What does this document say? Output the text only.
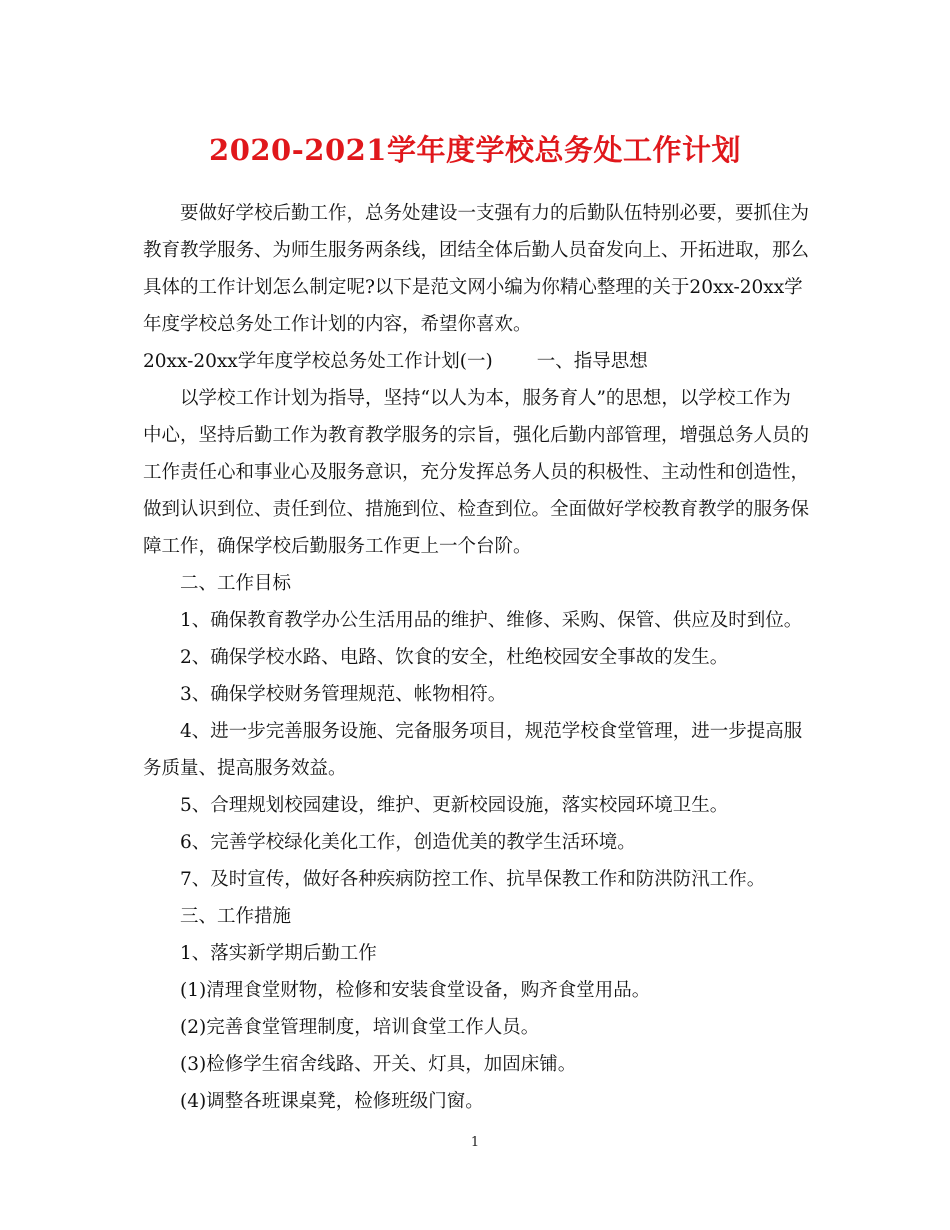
2020-2021学年度学校总务处工作计划

要做好学校后勤工作，总务处建设一支强有力的后勤队伍特别必要，要抓住为教育教学服务、为师生服务两条线，团结全体后勤人员奋发向上、开拓进取，那么具体的工作计划怎么制定呢?以下是范文网小编为你精心整理的关于20xx-20xx学年度学校总务处工作计划的内容，希望你喜欢。

20xx-20xx学年度学校总务处工作计划(一) 一、指导思想

以学校工作计划为指导，坚持“以人为本，服务育人”的思想，以学校工作为中心，坚持后勤工作为教育教学服务的宗旨，强化后勤内部管理，增强总务人员的工作责任心和事业心及服务意识，充分发挥总务人员的积极性、主动性和创造性，做到认识到位、责任到位、措施到位、检查到位。全面做好学校教育教学的服务保障工作，确保学校后勤服务工作更上一个台阶。

二、工作目标

1、确保教育教学办公生活用品的维护、维修、采购、保管、供应及时到位。

2、确保学校水路、电路、饮食的安全，杜绝校园安全事故的发生。

3、确保学校财务管理规范、帐物相符。

4、进一步完善服务设施、完备服务项目，规范学校食堂管理，进一步提高服务质量、提高服务效益。

5、合理规划校园建设，维护、更新校园设施，落实校园环境卫生。

6、完善学校绿化美化工作，创造优美的教学生活环境。

7、及时宣传，做好各种疾病防控工作、抗旱保教工作和防洪防汛工作。

三、工作措施

1、落实新学期后勤工作

(1)清理食堂财物，检修和安装食堂设备，购齐食堂用品。

(2)完善食堂管理制度，培训食堂工作人员。

(3)检修学生宿舍线路、开关、灯具，加固床铺。

(4)调整各班课桌凳，检修班级门窗。

1
